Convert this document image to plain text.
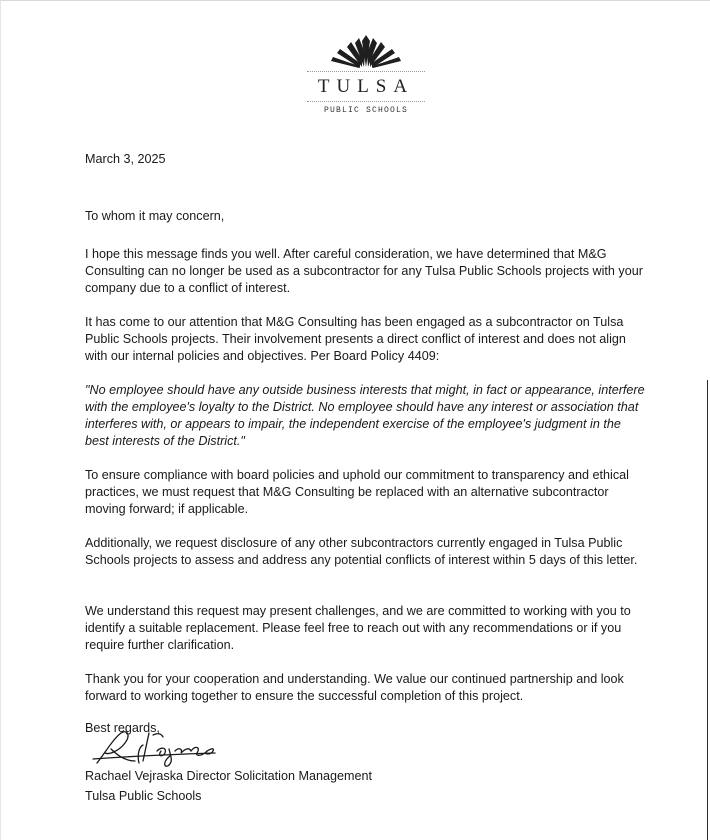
TULSA
PUBLIC SCHOOLS

March 3, 2025

To whom it may concern,

I hope this message finds you well. After careful consideration, we have determined that M&G Consulting can no longer be used as a subcontractor for any Tulsa Public Schools projects with your company due to a conflict of interest.

It has come to our attention that M&G Consulting has been engaged as a subcontractor on Tulsa Public Schools projects. Their involvement presents a direct conflict of interest and does not align with our internal policies and objectives. Per Board Policy 4409:

"No employee should have any outside business interests that might, in fact or appearance, interfere with the employee's loyalty to the District. No employee should have any interest or association that interferes with, or appears to impair, the independent exercise of the employee's judgment in the best interests of the District."

To ensure compliance with board policies and uphold our commitment to transparency and ethical practices, we must request that M&G Consulting be replaced with an alternative subcontractor moving forward; if applicable.

Additionally, we request disclosure of any other subcontractors currently engaged in Tulsa Public Schools projects to assess and address any potential conflicts of interest within 5 days of this letter.

We understand this request may present challenges, and we are committed to working with you to identify a suitable replacement. Please feel free to reach out with any recommendations or if you require further clarification.

Thank you for your cooperation and understanding. We value our continued partnership and look forward to working together to ensure the successful completion of this project.

Best regards,

Rachael Vejraska Director Solicitation Management

Tulsa Public Schools
